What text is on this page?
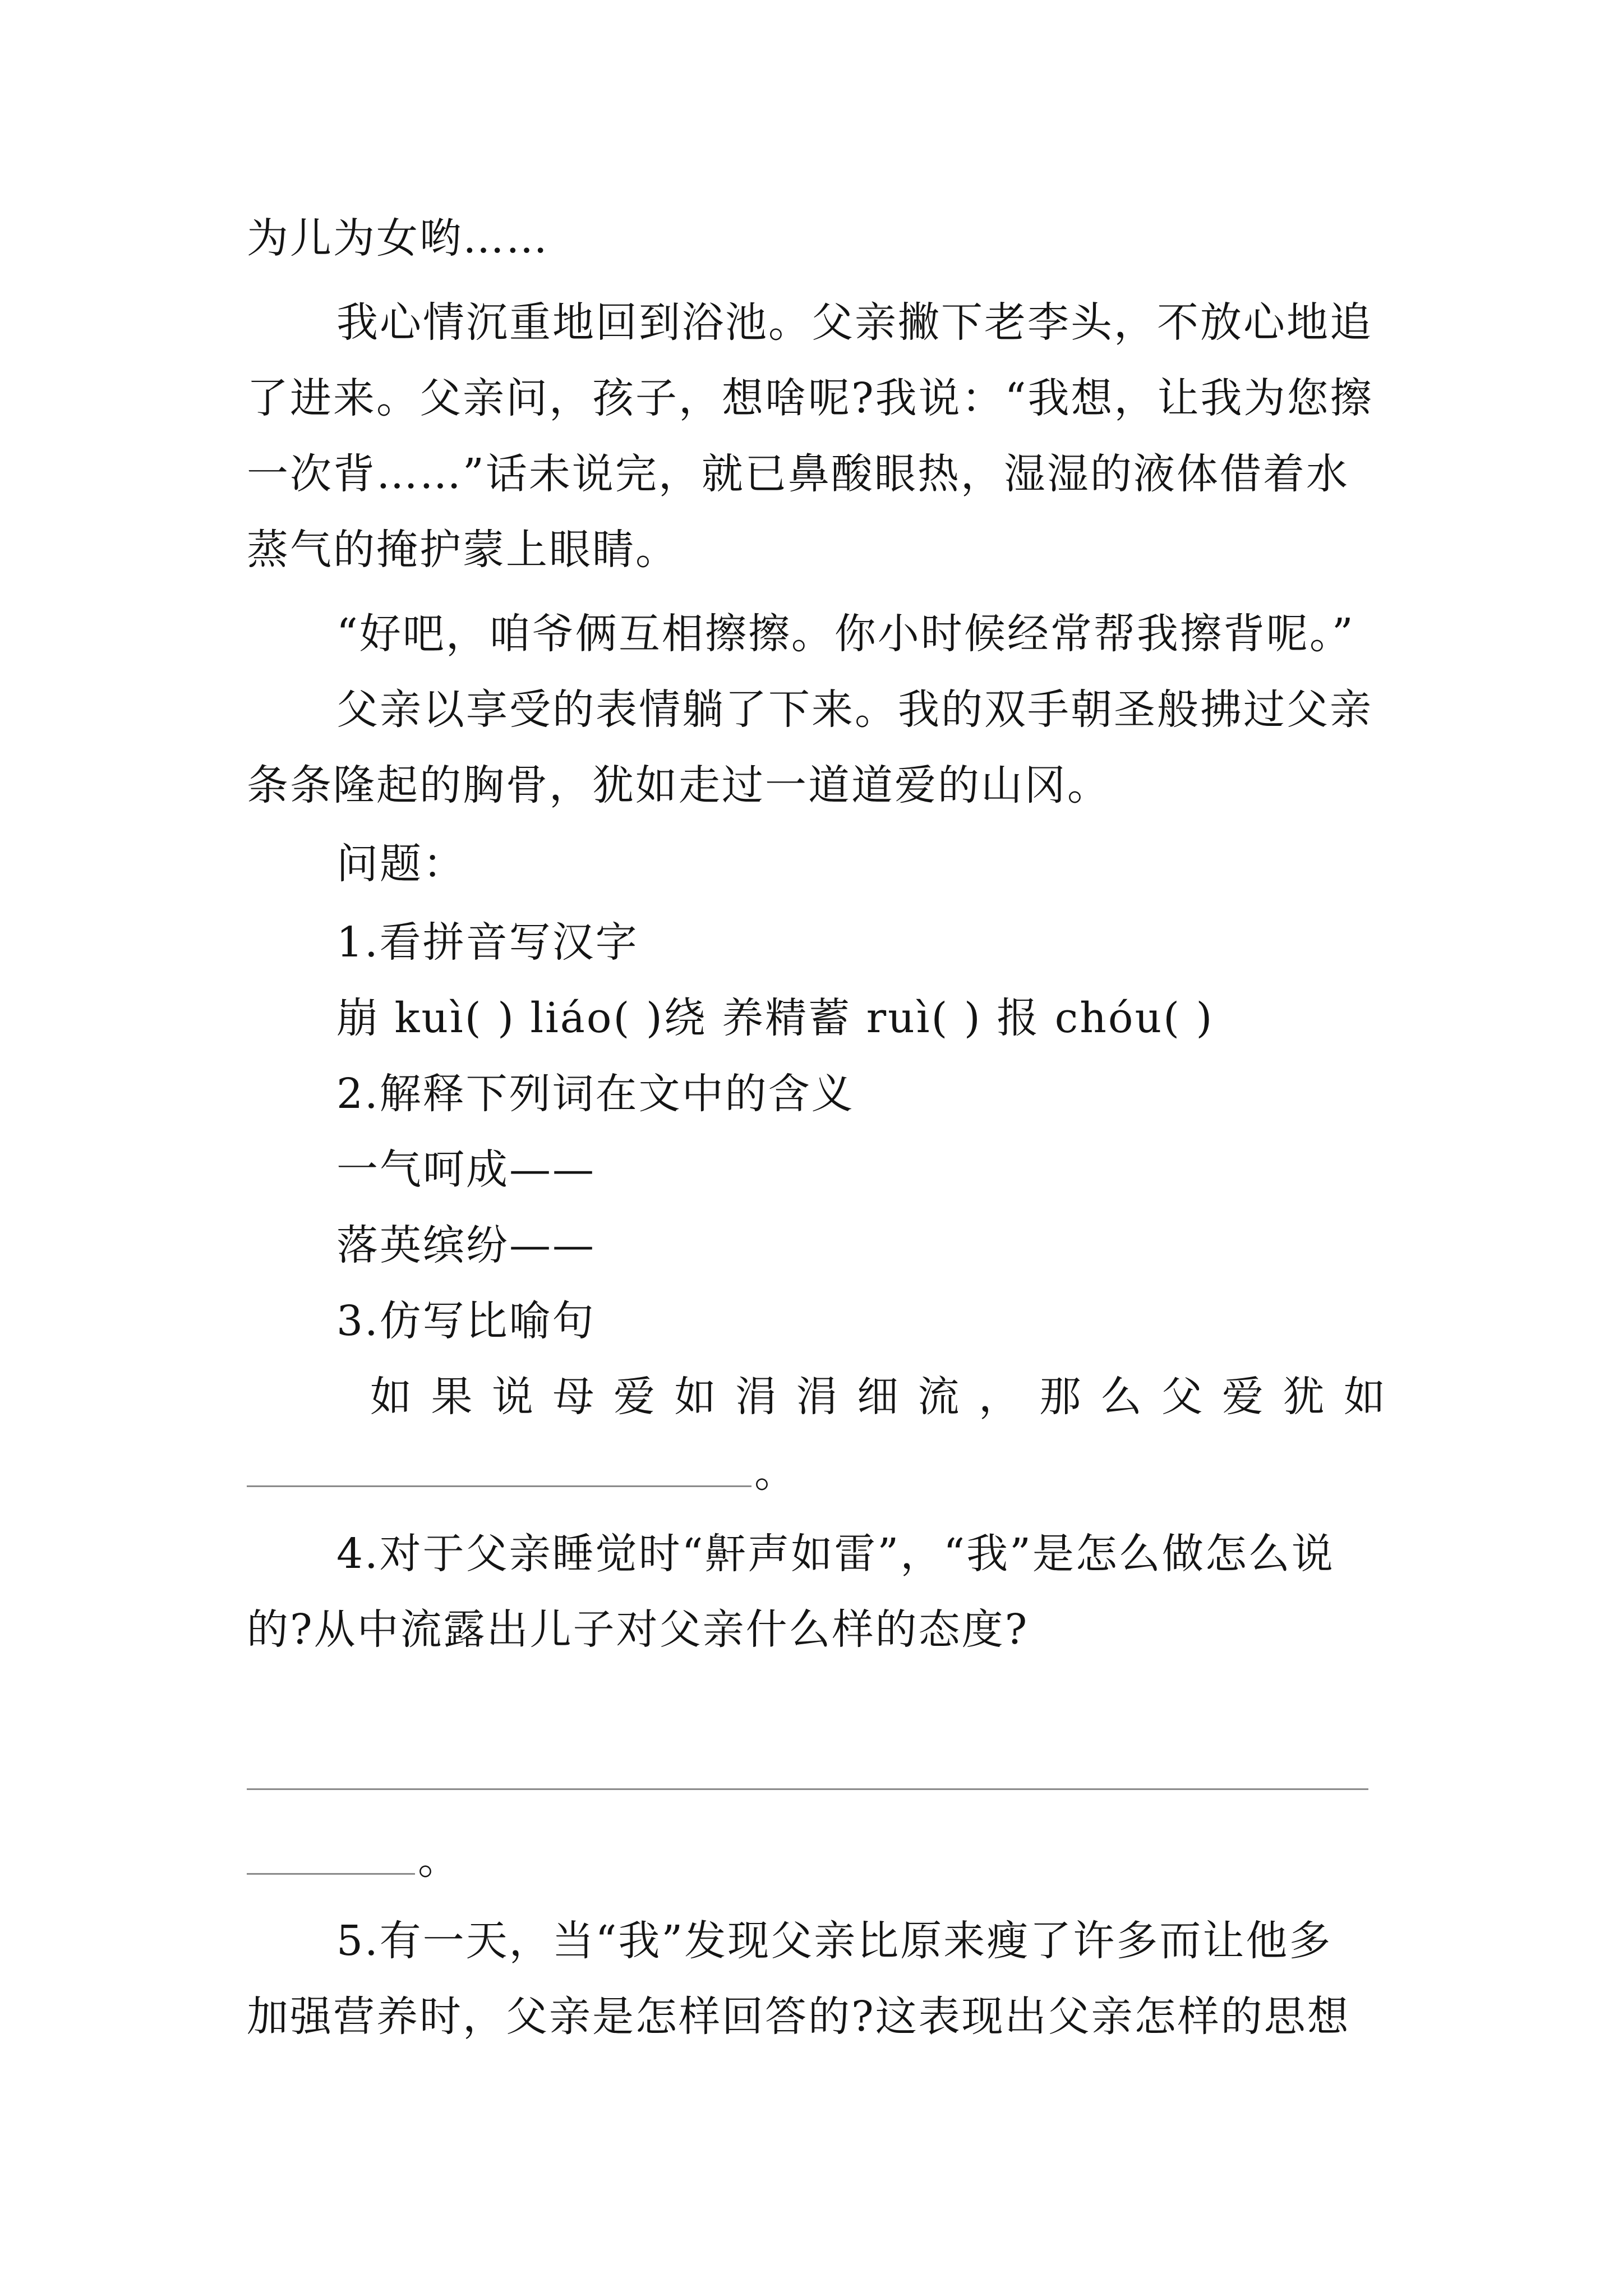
为儿为女哟……
我心情沉重地回到浴池。父亲撇下老李头，不放心地追
了进来。父亲问，孩子，想啥呢?我说：“我想，让我为您擦
一次背……”话未说完，就已鼻酸眼热，湿湿的液体借着水
蒸气的掩护蒙上眼睛。
“好吧，咱爷俩互相擦擦。你小时候经常帮我擦背呢。”
父亲以享受的表情躺了下来。我的双手朝圣般拂过父亲
条条隆起的胸骨，犹如走过一道道爱的山冈。
问题：
1.看拼音写汉字
崩 kuì( ) liáo( )绕 养精蓄 ruì( ) 报 chóu( )
2.解释下列词在文中的含义
一气呵成——
落英缤纷——
3.仿写比喻句
如 果 说 母 爱 如 涓 涓 细 流 ， 那 么 父 爱 犹 如
。
4.对于父亲睡觉时“鼾声如雷”，“我”是怎么做怎么说
的?从中流露出儿子对父亲什么样的态度?
。
5.有一天，当“我”发现父亲比原来瘦了许多而让他多
加强营养时，父亲是怎样回答的?这表现出父亲怎样的思想
